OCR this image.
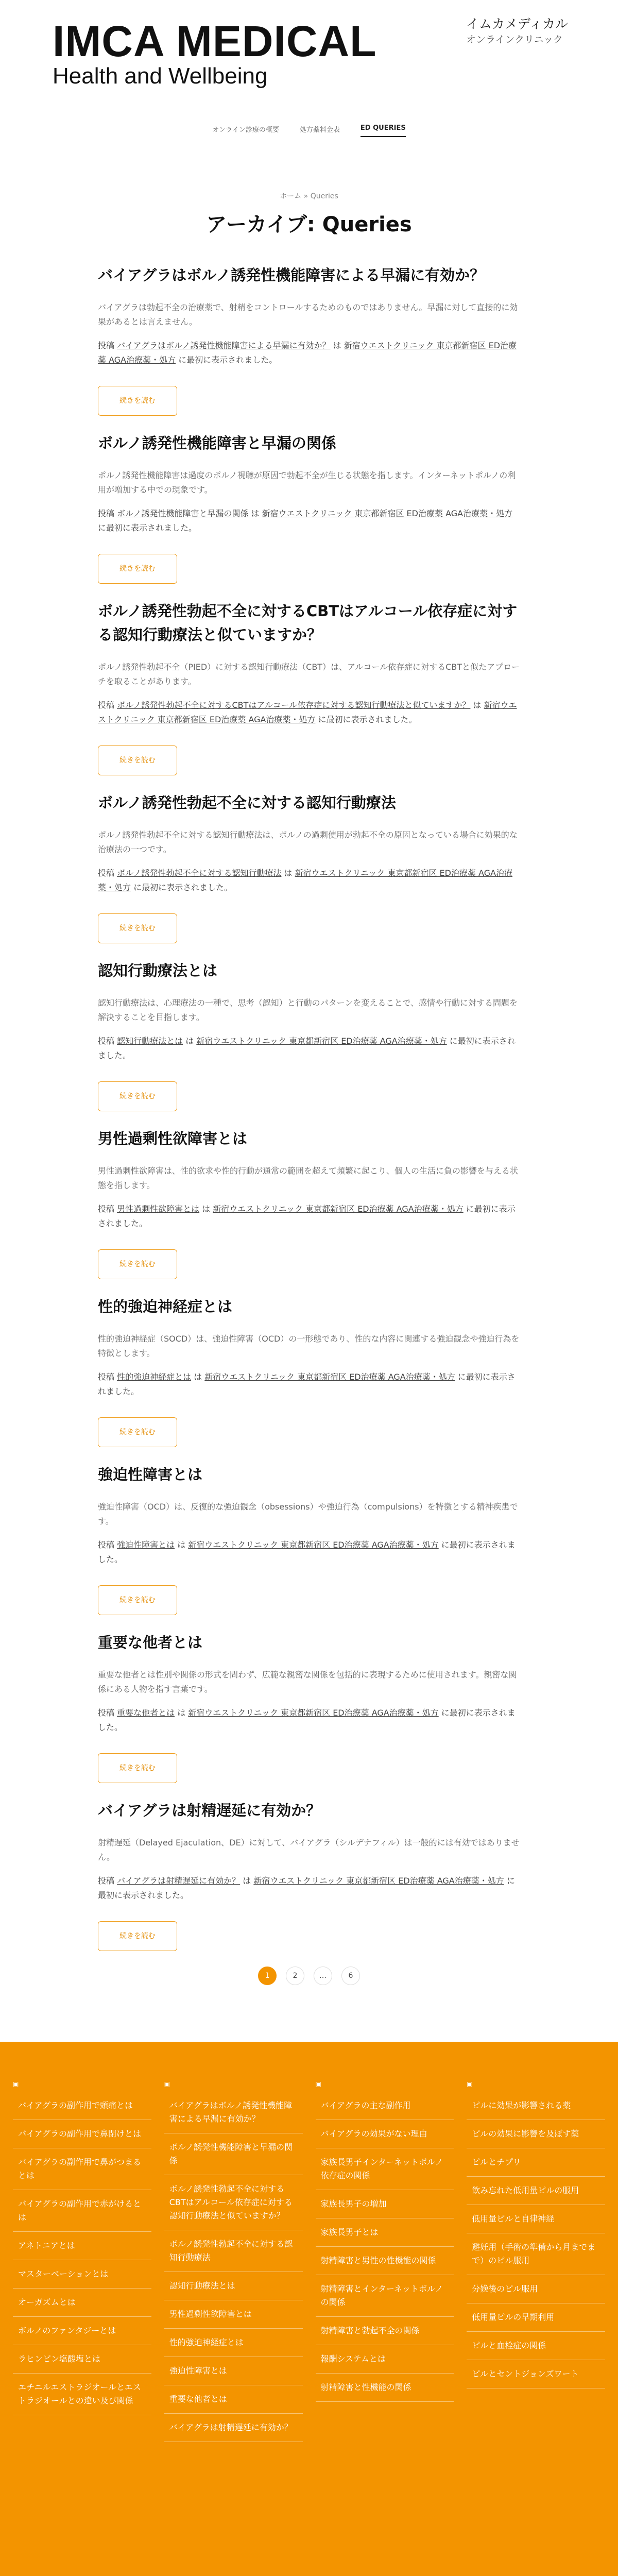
IMCA MEDICAL
Health and Wellbeing
イムカメディカル
オンラインクリニック
オンライン診療の概要	処方薬料金表	ED QUERIES
ホーム » Queries
アーカイブ: Queries
バイアグラはボルノ誘発性機能障害による早漏に有効か？

バイアグラは勃起不全の治療薬で、射精をコントロールするためのものではありません。早漏に対して直接的に効果があるとは言えません。

投稿 バイアグラはボルノ誘発性機能障害による早漏に有効か？ は 新宿ウエストクリニック 東京都新宿区 ED治療薬 AGA治療薬・処方 に最初に表示されました。

続きを読む
ボルノ誘発性機能障害と早漏の関係

ポルノ誘発性機能障害は過度のポルノ視聴が原因で勃起不全が生じる状態を指します。インターネットポルノの利用が増加する中での現象です。

投稿 ボルノ誘発性機能障害と早漏の関係 は 新宿ウエストクリニック 東京都新宿区 ED治療薬 AGA治療薬・処方 に最初に表示されました。

続きを読む
ボルノ誘発性勃起不全に対するCBTはアルコール依存症に対する認知行動療法と似ていますか？

ポルノ誘発性勃起不全（PIED）に対する認知行動療法（CBT）は、アルコール依存症に対するCBTと似たアプローチを取ることがあります。

投稿 ボルノ誘発性勃起不全に対するCBTはアルコール依存症に対する認知行動療法と似ていますか？ は 新宿ウエストクリニック 東京都新宿区 ED治療薬 AGA治療薬・処方 に最初に表示されました。

続きを読む
ボルノ誘発性勃起不全に対する認知行動療法

ポルノ誘発性勃起不全に対する認知行動療法は、ポルノの過剰使用が勃起不全の原因となっている場合に効果的な治療法の一つです。

投稿 ボルノ誘発性勃起不全に対する認知行動療法 は 新宿ウエストクリニック 東京都新宿区 ED治療薬 AGA治療薬・処方 に最初に表示されました。

続きを読む
認知行動療法とは

認知行動療法は、心理療法の一種で、思考（認知）と行動のパターンを変えることで、感情や行動に対する問題を解決することを目指します。

投稿 認知行動療法とは は 新宿ウエストクリニック 東京都新宿区 ED治療薬 AGA治療薬・処方 に最初に表示されました。

続きを読む
男性過剰性欲障害とは

男性過剰性欲障害は、性的欲求や性的行動が通常の範囲を超えて頻繁に起こり、個人の生活に負の影響を与える状態を指します。

投稿 男性過剰性欲障害とは は 新宿ウエストクリニック 東京都新宿区 ED治療薬 AGA治療薬・処方 に最初に表示されました。

続きを読む
性的強迫神経症とは

性的強迫神経症（SOCD）は、強迫性障害（OCD）の一形態であり、性的な内容に関連する強迫観念や強迫行為を特徴とします。

投稿 性的強迫神経症とは は 新宿ウエストクリニック 東京都新宿区 ED治療薬 AGA治療薬・処方 に最初に表示されました。

続きを読む
強迫性障害とは

強迫性障害（OCD）は、反復的な強迫観念（obsessions）や強迫行為（compulsions）を特徴とする精神疾患です。

投稿 強迫性障害とは は 新宿ウエストクリニック 東京都新宿区 ED治療薬 AGA治療薬・処方 に最初に表示されました。

続きを読む
重要な他者とは

重要な他者とは性別や関係の形式を問わず、広範な親密な関係を包括的に表現するために使用されます。親密な関係にある人物を指す言葉です。

投稿 重要な他者とは は 新宿ウエストクリニック 東京都新宿区 ED治療薬 AGA治療薬・処方 に最初に表示されました。

続きを読む
バイアグラは射精遅延に有効か？

射精遅延（Delayed Ejaculation、DE）に対して、バイアグラ（シルデナフィル）は一般的には有効ではありません。

投稿 バイアグラは射精遅延に有効か？ は 新宿ウエストクリニック 東京都新宿区 ED治療薬 AGA治療薬・処方 に最初に表示されました。

続きを読む
1	2	…	6
▣
バイアグラの副作用で頭痛とは
バイアグラの副作用で鼻閉けとは
バイアグラの副作用で鼻がつまるとは
バイアグラの副作用で赤がけるとは
アネトニアとは
マスターベーションとは
オーガズムとは
ボルノのファンタジーとは
ラヒンビン塩酸塩とは
エチニルエストラジオールとエストラジオールとの違い及び関係
▣
バイアグラはボルノ誘発性機能障害による早漏に有効か？
ボルノ誘発性機能障害と早漏の関係
ボルノ誘発性勃起不全に対するCBTはアルコール依存症に対する認知行動療法と似ていますか？
ボルノ誘発性勃起不全に対する認知行動療法
認知行動療法とは
男性過剰性欲障害とは
性的強迫神経症とは
強迫性障害とは
重要な他者とは
バイアグラは射精遅延に有効か？
▣
バイアグラの主な副作用
バイアグラの効果がない理由
家族長男子インターネットボルノ依存症の関係
家族長男子の増加
家族長男子とは
射精障害と男性の性機能の関係
射精障害とインターネットボルノの関係
射精障害と勃起不全の関係
報酬システムとは
射精障害と性機能の関係
▣
ピルに効果が影響される薬
ピルの効果に影響を及ぼす薬
ピルとチプリ
飲み忘れた低用量ピルの服用
低用量ピルと自律神経
避妊用（手術の準備から月までまで）のピル服用
分娩後のピル服用
低用量ピルの早期利用
ピルと血栓症の関係
ピルとセントジョンズワート
